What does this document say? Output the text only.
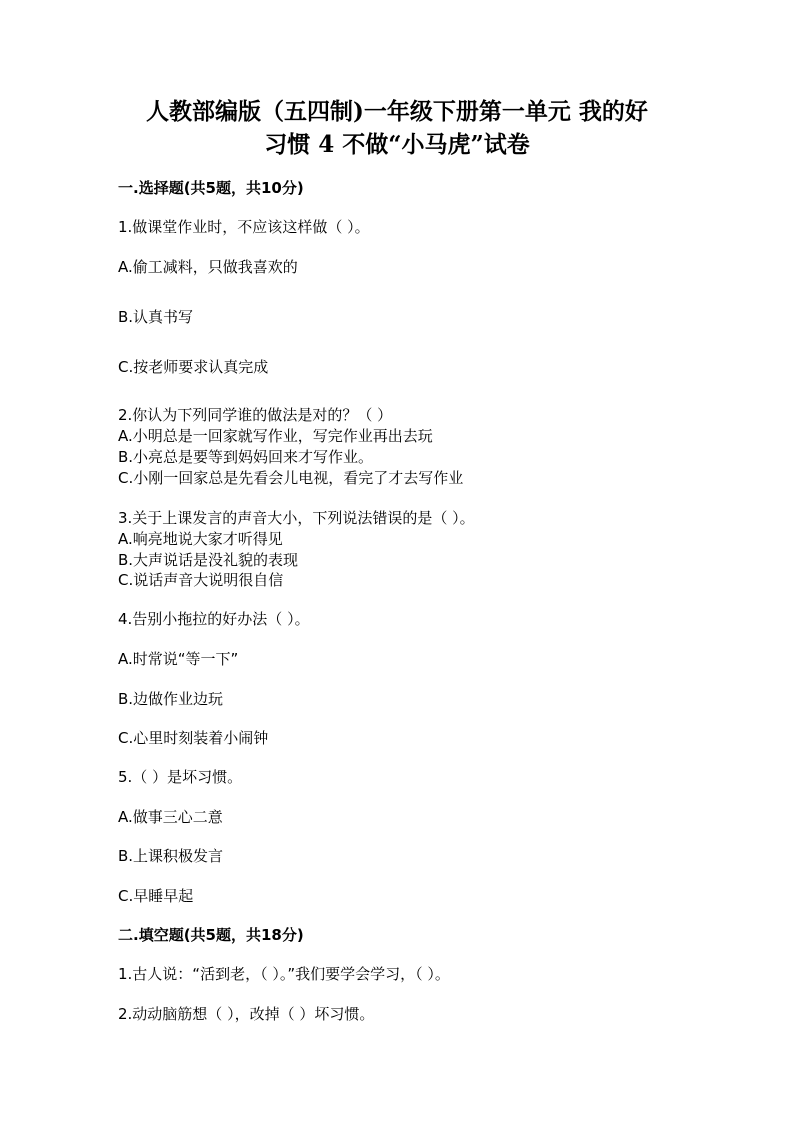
人教部编版（五四制)一年级下册第一单元 我的好
习惯 4 不做“小马虎”试卷
一.选择题(共5题，共10分)
1.做课堂作业时，不应该这样做（ ）。
A.偷工减料，只做我喜欢的
B.认真书写
C.按老师要求认真完成
2.你认为下列同学谁的做法是对的？（ ）
A.小明总是一回家就写作业，写完作业再出去玩
B.小亮总是要等到妈妈回来才写作业。
C.小刚一回家总是先看会儿电视，看完了才去写作业
3.关于上课发言的声音大小，下列说法错误的是（ ）。
A.响亮地说大家才听得见
B.大声说话是没礼貌的表现
C.说话声音大说明很自信
4.告别小拖拉的好办法（ ）。
A.时常说“等一下”
B.边做作业边玩
C.心里时刻装着小闹钟
5.（ ）是坏习惯。
A.做事三心二意
B.上课积极发言
C.早睡早起
二.填空题(共5题，共18分)
1.古人说：“活到老，（ ）。”我们要学会学习，（ ）。
2.动动脑筋想（ ），改掉（ ）坏习惯。
